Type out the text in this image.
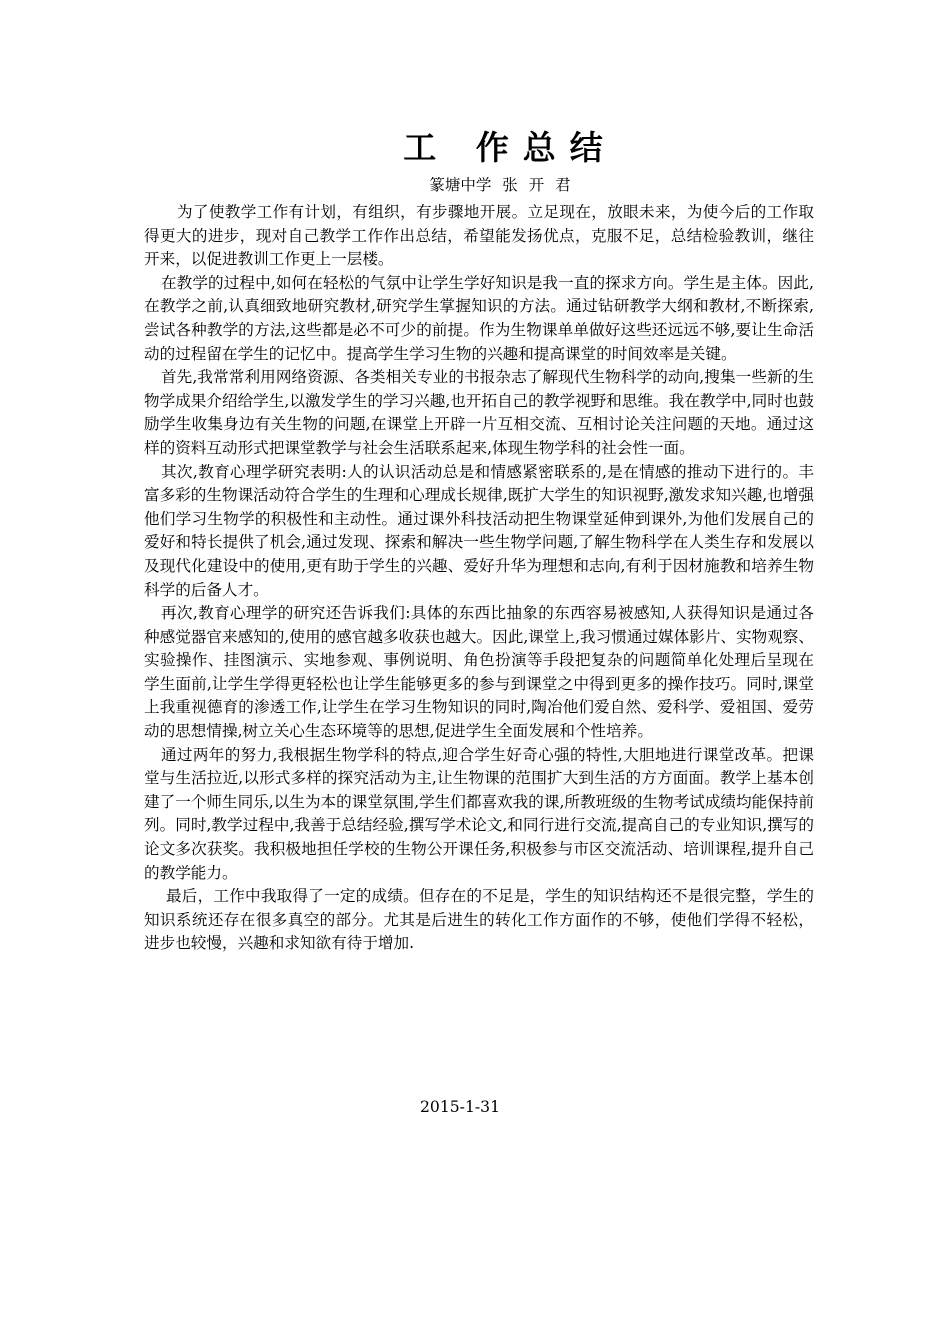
工 作总结
篆塘中学 张 开 君

为了使教学工作有计划，有组织，有步骤地开展。立足现在，放眼未来，为使今后的工作取得更大的进步，现对自己教学工作作出总结，希望能发扬优点，克服不足，总结检验教训，继往开来，以促进教训工作更上一层楼。

在教学的过程中,如何在轻松的气氛中让学生学好知识是我一直的探求方向。学生是主体。因此,在教学之前,认真细致地研究教材,研究学生掌握知识的方法。通过钻研教学大纲和教材,不断探索,尝试各种教学的方法,这些都是必不可少的前提。作为生物课单单做好这些还远远不够,要让生命活动的过程留在学生的记忆中。提高学生学习生物的兴趣和提高课堂的时间效率是关键。

首先,我常常利用网络资源、各类相关专业的书报杂志了解现代生物科学的动向,搜集一些新的生物学成果介绍给学生,以激发学生的学习兴趣,也开拓自己的教学视野和思维。我在教学中,同时也鼓励学生收集身边有关生物的问题,在课堂上开辟一片互相交流、互相讨论关注问题的天地。通过这样的资料互动形式把课堂教学与社会生活联系起来,体现生物学科的社会性一面。

其次,教育心理学研究表明:人的认识活动总是和情感紧密联系的,是在情感的推动下进行的。丰富多彩的生物课活动符合学生的生理和心理成长规律,既扩大学生的知识视野,激发求知兴趣,也增强他们学习生物学的积极性和主动性。通过课外科技活动把生物课堂延伸到课外,为他们发展自己的爱好和特长提供了机会,通过发现、探索和解决一些生物学问题,了解生物科学在人类生存和发展以及现代化建设中的使用,更有助于学生的兴趣、爱好升华为理想和志向,有利于因材施教和培养生物科学的后备人才。

再次,教育心理学的研究还告诉我们:具体的东西比抽象的东西容易被感知,人获得知识是通过各种感觉器官来感知的,使用的感官越多收获也越大。因此,课堂上,我习惯通过媒体影片、实物观察、实验操作、挂图演示、实地参观、事例说明、角色扮演等手段把复杂的问题简单化处理后呈现在学生面前,让学生学得更轻松也让学生能够更多的参与到课堂之中得到更多的操作技巧。同时,课堂上我重视德育的渗透工作,让学生在学习生物知识的同时,陶冶他们爱自然、爱科学、爱祖国、爱劳动的思想情操,树立关心生态环境等的思想,促进学生全面发展和个性培养。

通过两年的努力,我根据生物学科的特点,迎合学生好奇心强的特性,大胆地进行课堂改革。把课堂与生活拉近,以形式多样的探究活动为主,让生物课的范围扩大到生活的方方面面。教学上基本创建了一个师生同乐,以生为本的课堂氛围,学生们都喜欢我的课,所教班级的生物考试成绩均能保持前列。同时,教学过程中,我善于总结经验,撰写学术论文,和同行进行交流,提高自己的专业知识,撰写的论文多次获奖。我积极地担任学校的生物公开课任务,积极参与市区交流活动、培训课程,提升自己的教学能力。

最后，工作中我取得了一定的成绩。但存在的不足是，学生的知识结构还不是很完整，学生的知识系统还存在很多真空的部分。尤其是后进生的转化工作方面作的不够，使他们学得不轻松，进步也较慢，兴趣和求知欲有待于增加.

2015-1-31
